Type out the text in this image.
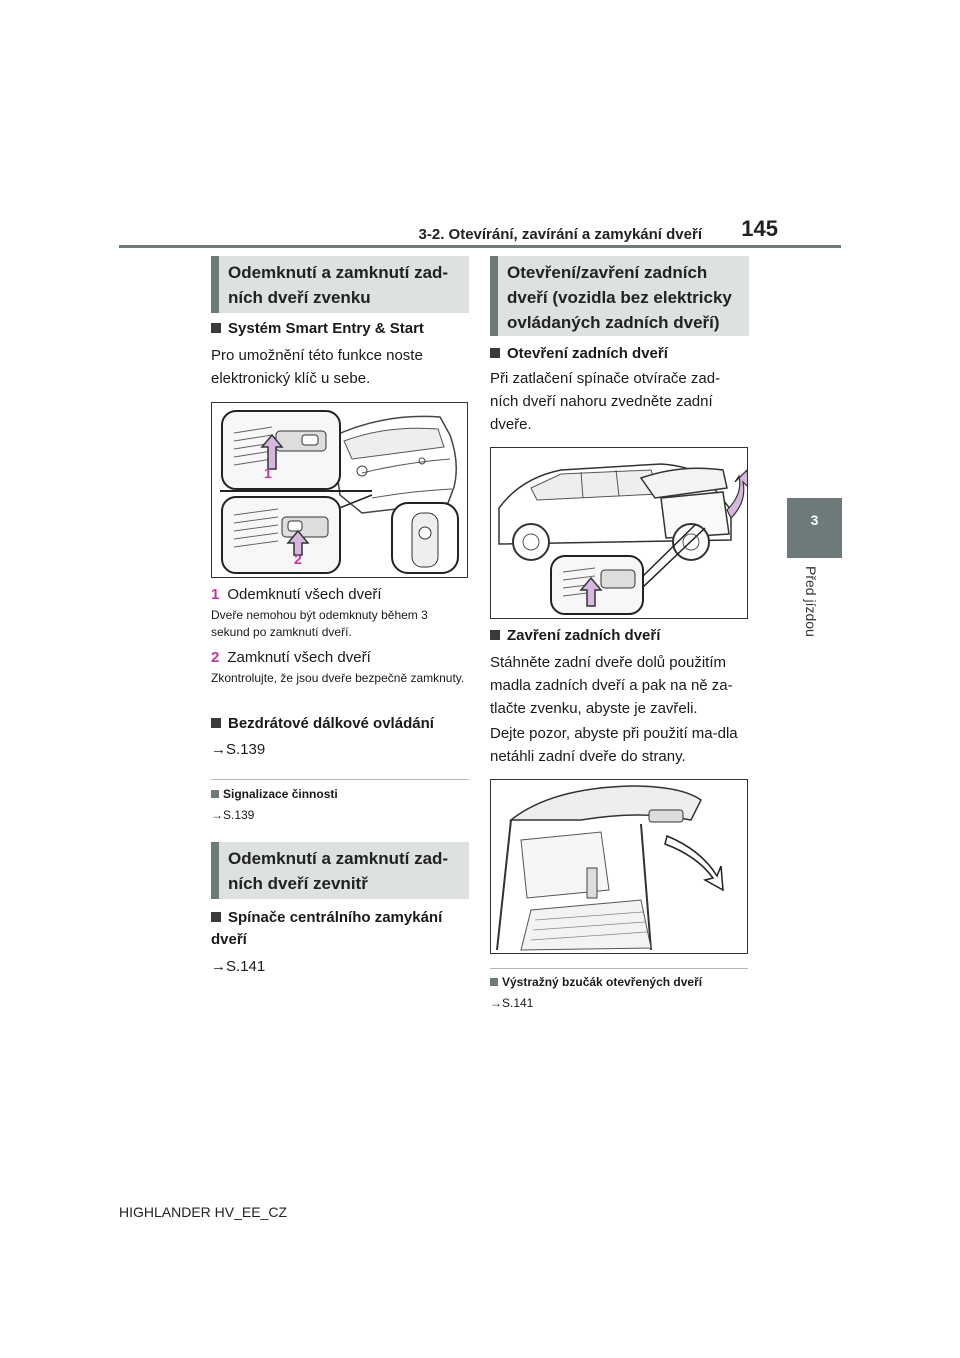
3-2. Otevírání, zavírání a zamykání dveří	145
3
Před jízdou
Odemknutí a zamknutí zad-ních dveří zvenku
Systém Smart Entry & Start
Pro umožnění této funkce noste elektronický klíč u sebe.
1
2
1 Odemknutí všech dveří
Dveře nemohou být odemknuty během 3 sekund po zamknutí dveří.
2 Zamknutí všech dveří
Zkontrolujte, že jsou dveře bezpečně zamknuty.
Bezdrátové dálkové ovládání
→S.139
Signalizace činnosti
→S.139
Odemknutí a zamknutí zad-ních dveří zevnitř
Spínače centrálního zamykání dveří
→S.141
Otevření/zavření zadních dveří (vozidla bez elektricky ovládaných zadních dveří)
Otevření zadních dveří
Při zatlačení spínače otvírače zad-ních dveří nahoru zvedněte zadní dveře.
Zavření zadních dveří
Stáhněte zadní dveře dolů použitím madla zadních dveří a pak na ně za-tlačte zvenku, abyste je zavřeli.
Dejte pozor, abyste při použití ma-dla netáhli zadní dveře do strany.
Výstražný bzučák otevřených dveří
→S.141
HIGHLANDER HV_EE_CZ
